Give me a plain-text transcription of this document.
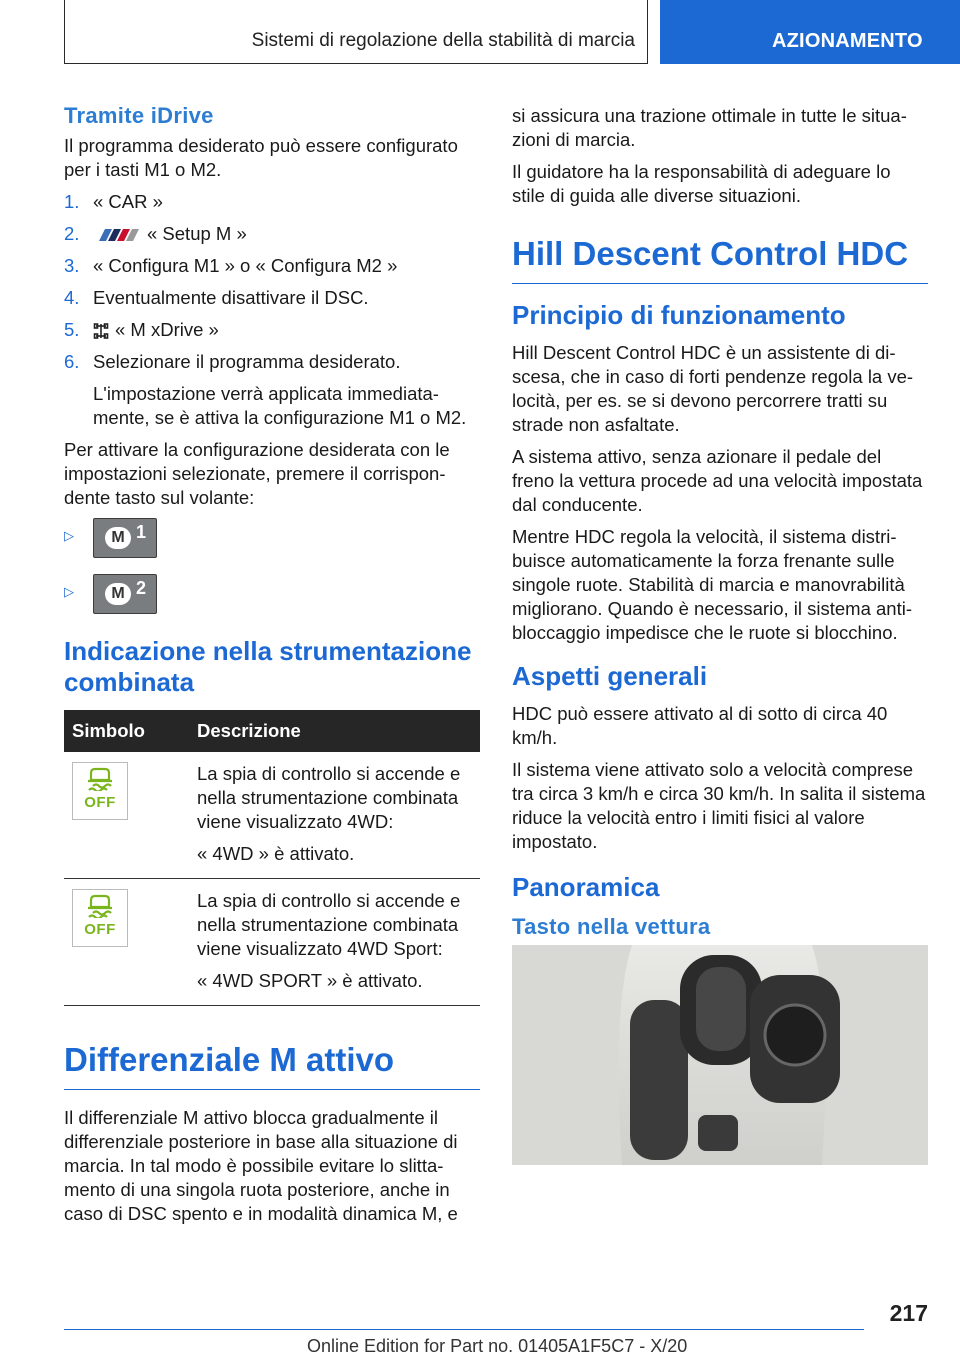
Sistemi di regolazione della stabilità di marcia	AZIONAMENTO
Tramite iDrive

Il programma desiderato può essere configurato per i tasti M1 o M2.

1. « CAR »
2.	« Setup M »
3. « Configura M1 » o « Configura M2 »
4. Eventualmente disattivare il DSC.
5. « M xDrive »
6. Selezionare il programma desiderato.
L'impostazione verrà applicata immediatamente, se è attiva la configurazione M1 o M2.

Per attivare la configurazione desiderata con le impostazioni selezionate, premere il corrispondente tasto sul volante:

▷	M 1
▷	M 2
Indicazione nella strumentazione combinata
Simbolo	Descrizione

OFF	La spia di controllo si accende e nella strumentazione combinata viene visualizzato 4WD:
« 4WD » è attivato.

OFF	La spia di controllo si accende e nella strumentazione combinata viene visualizzato 4WD Sport:
« 4WD SPORT » è attivato.
Differenziale M attivo

Il differenziale M attivo blocca gradualmente il differenziale posteriore in base alla situazione di marcia. In tal modo è possibile evitare lo slittamento di una singola ruota posteriore, anche in caso di DSC spento e in modalità dinamica M, e

si assicura una trazione ottimale in tutte le situazioni di marcia.

Il guidatore ha la responsabilità di adeguare lo stile di guida alle diverse situazioni.

Hill Descent Control HDC
Principio di funzionamento

Hill Descent Control HDC è un assistente di discesa, che in caso di forti pendenze regola la velocità, per es. se si devono percorrere tratti su strade non asfaltate.

A sistema attivo, senza azionare il pedale del freno la vettura procede ad una velocità impostata dal conducente.

Mentre HDC regola la velocità, il sistema distribuisce automaticamente la forza frenante sulle singole ruote. Stabilità di marcia e manovrabilità migliorano. Quando è necessario, il sistema antibloccaggio impedisce che le ruote si blocchino.

Aspetti generali

HDC può essere attivato al di sotto di circa 40 km/h.

Il sistema viene attivato solo a velocità comprese tra circa 3 km/h e circa 30 km/h. In salita il sistema riduce la velocità entro i limiti fisici al valore impostato.

Panoramica
Tasto nella vettura
217
Online Edition for Part no. 01405A1F5C7 - X/20
